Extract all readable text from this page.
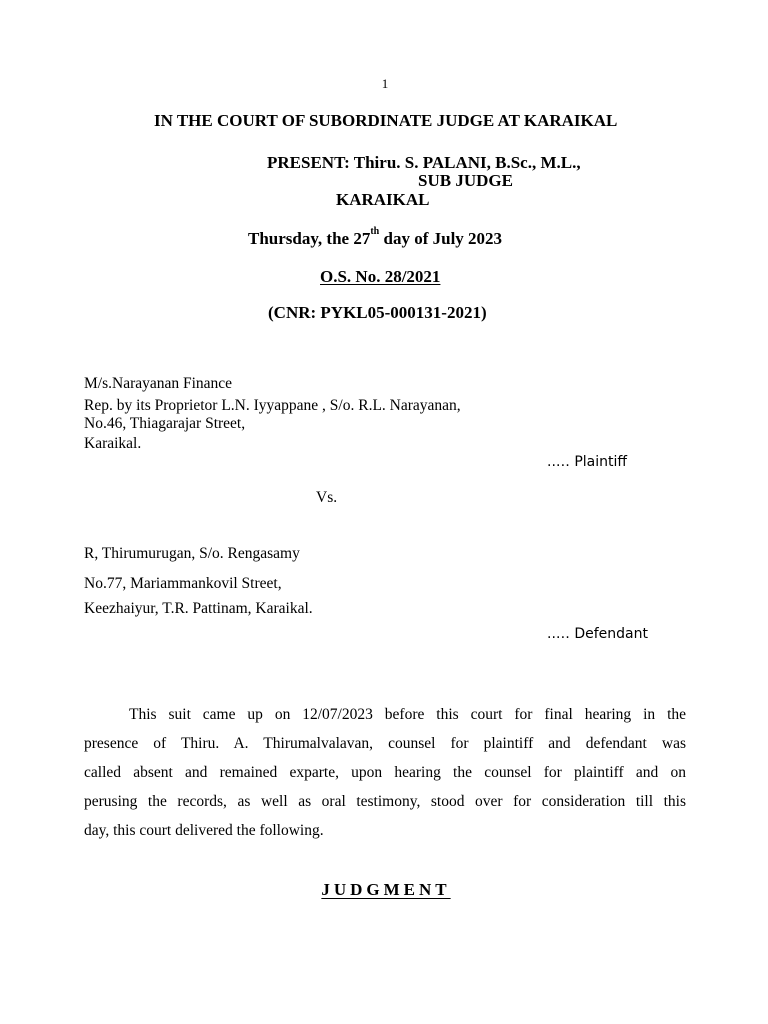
1
IN THE COURT OF SUBORDINATE JUDGE AT KARAIKAL
PRESENT: Thiru. S. PALANI, B.Sc., M.L.,
SUB JUDGE
KARAIKAL
Thursday, the 27th day of July 2023
O.S. No. 28/2021
(CNR: PYKL05-000131-2021)
M/s.Narayanan Finance
Rep. by its Proprietor L.N. Iyyappane , S/o. R.L. Narayanan,
No.46, Thiagarajar Street,
Karaikal.
..… Plaintiff
Vs.
R, Thirumurugan, S/o. Rengasamy
No.77, Mariammankovil Street,
Keezhaiyur, T.R. Pattinam, Karaikal.
..… Defendant
This suit came up on 12/07/2023 before this court for final hearing in the
presence of Thiru. A. Thirumalvalavan, counsel for plaintiff and defendant was
called absent and remained exparte, upon hearing the counsel for plaintiff and on
perusing the records, as well as oral testimony, stood over for consideration till this
day, this court delivered the following.
JUDGMENT
